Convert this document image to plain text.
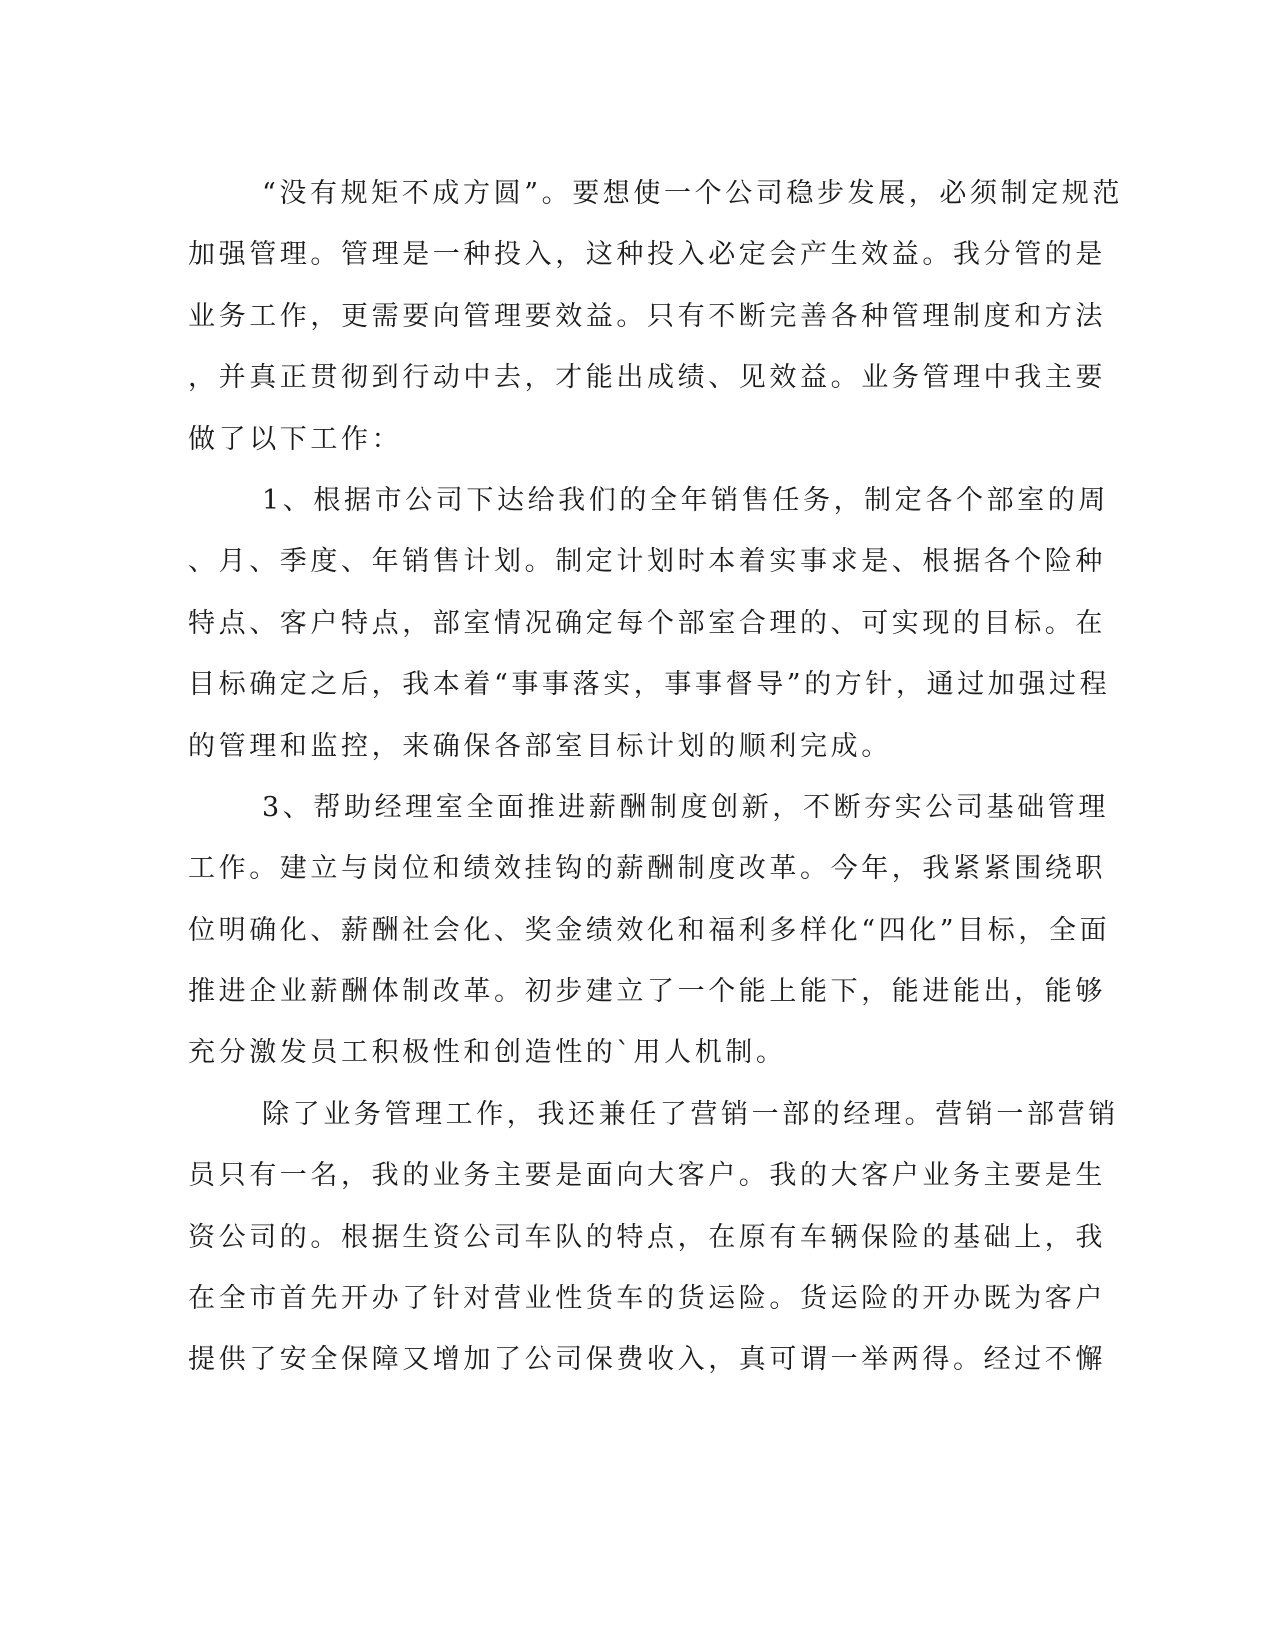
“没有规矩不成方圆”。要想使一个公司稳步发展，必须制定规范
加强管理。管理是一种投入，这种投入必定会产生效益。我分管的是
业务工作，更需要向管理要效益。只有不断完善各种管理制度和方法
，并真正贯彻到行动中去，才能出成绩、见效益。业务管理中我主要
做了以下工作：
1、根据市公司下达给我们的全年销售任务，制定各个部室的周
、月、季度、年销售计划。制定计划时本着实事求是、根据各个险种
特点、客户特点，部室情况确定每个部室合理的、可实现的目标。在
目标确定之后，我本着“事事落实，事事督导”的方针，通过加强过程
的管理和监控，来确保各部室目标计划的顺利完成。
3、帮助经理室全面推进薪酬制度创新，不断夯实公司基础管理
工作。建立与岗位和绩效挂钩的薪酬制度改革。今年，我紧紧围绕职
位明确化、薪酬社会化、奖金绩效化和福利多样化“四化”目标，全面
推进企业薪酬体制改革。初步建立了一个能上能下，能进能出，能够
充分激发员工积极性和创造性的`用人机制。
除了业务管理工作，我还兼任了营销一部的经理。营销一部营销
员只有一名，我的业务主要是面向大客户。我的大客户业务主要是生
资公司的。根据生资公司车队的特点，在原有车辆保险的基础上，我
在全市首先开办了针对营业性货车的货运险。货运险的开办既为客户
提供了安全保障又增加了公司保费收入，真可谓一举两得。经过不懈
